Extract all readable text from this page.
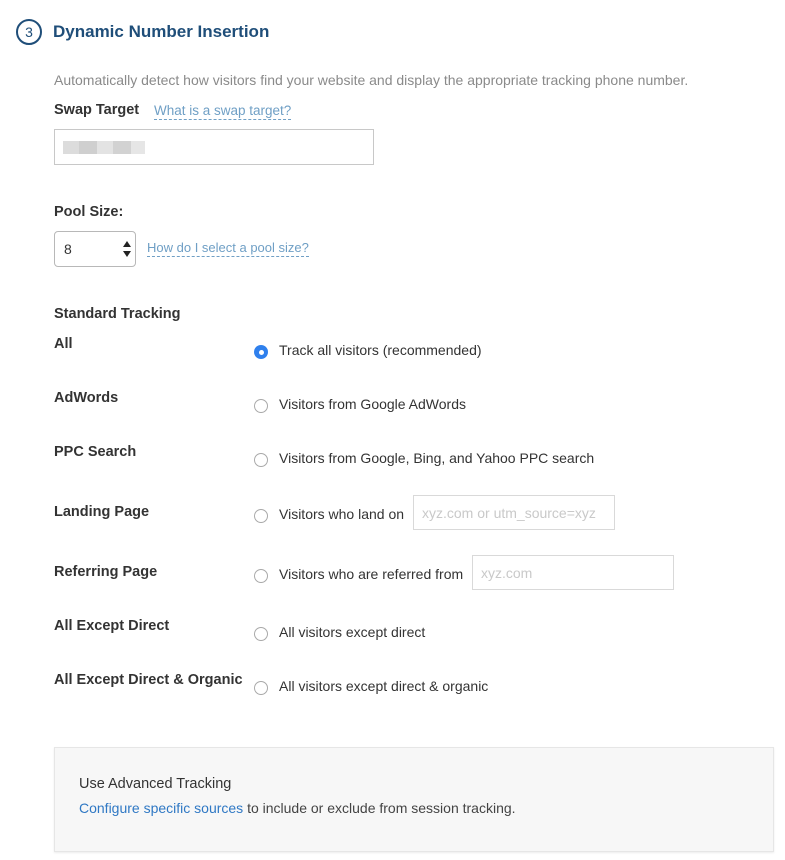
3	Dynamic Number Insertion
Automatically detect how visitors find your website and display the appropriate tracking phone number.
Swap Target What is a swap target?
Pool Size:
8	How do I select a pool size?
Standard Tracking
All	Track all visitors (recommended)
AdWords	Visitors from Google AdWords
PPC Search	Visitors from Google, Bing, and Yahoo PPC search
Landing Page	Visitors who land on
xyz.com or utm_source=xyz
Referring Page	Visitors who are referred from
xyz.com
All Except Direct	All visitors except direct
All Except Direct & Organic	All visitors except direct & organic
Use Advanced Tracking
Configure specific sources to include or exclude from session tracking.
